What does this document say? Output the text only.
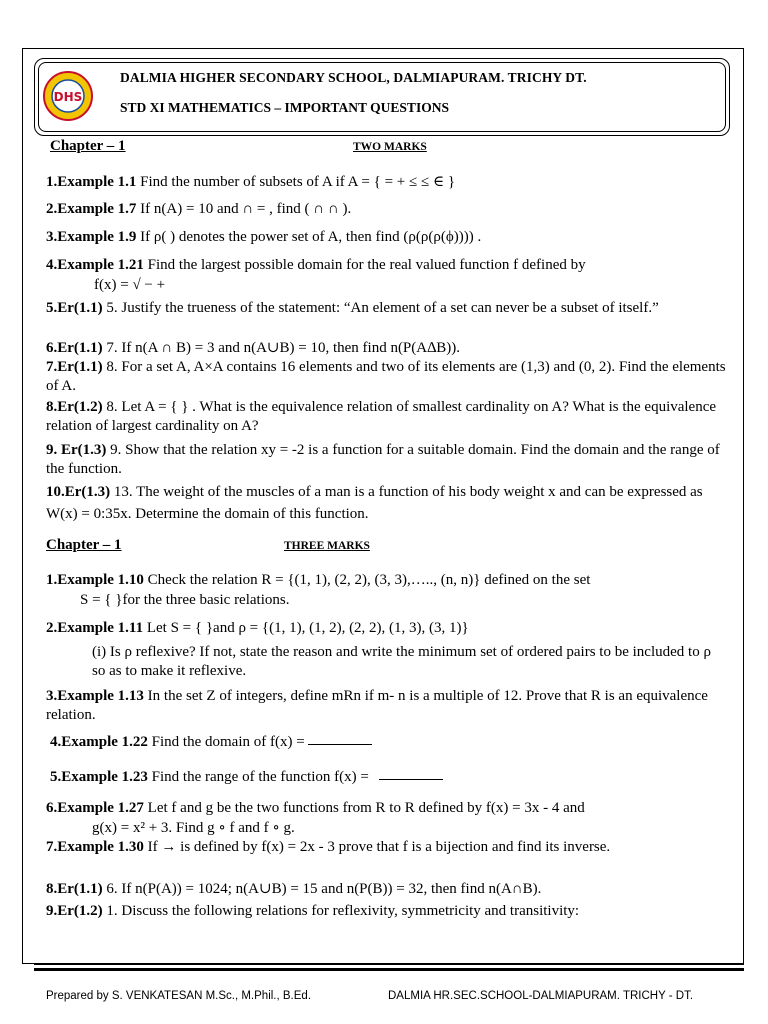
DHS
DALMIA HIGHER SECONDARY SCHOOL, DALMIAPURAM. TRICHY DT.
STD XI MATHEMATICS – IMPORTANT QUESTIONS
Chapter – 1	TWO MARKS
1.Example 1.1 Find the number of subsets of A if A = { = + ≤ ≤ ∈ }
2.Example 1.7 If n(A) = 10 and ∩ = , find ( ∩ ∩ ).
3.Example 1.9 If ρ( ) denotes the power set of A, then find (ρ(ρ(ρ(ϕ)))) .
4.Example 1.21 Find the largest possible domain for the real valued function f defined by
f(x) = √ − +
5.Er(1.1) 5. Justify the trueness of the statement: “An element of a set can never be a subset of itself.”
6.Er(1.1) 7. If n(A ∩ B) = 3 and n(A∪B) = 10, then find n(P(A∆B)).
7.Er(1.1) 8. For a set A, A×A contains 16 elements and two of its elements are (1,3) and (0, 2). Find the elements of A.
8.Er(1.2) 8. Let A = { } . What is the equivalence relation of smallest cardinality on A? What is the equivalence relation of largest cardinality on A?
9. Er(1.3) 9. Show that the relation xy = -2 is a function for a suitable domain. Find the domain and the range of the function.
10.Er(1.3) 13. The weight of the muscles of a man is a function of his body weight x and can be expressed as W(x) = 0:35x. Determine the domain of this function.
Chapter – 1	THREE MARKS
1.Example 1.10 Check the relation R = {(1, 1), (2, 2), (3, 3),….., (n, n)} defined on the set
S = { }for the three basic relations.
2.Example 1.11 Let S = { }and ρ = {(1, 1), (1, 2), (2, 2), (1, 3), (3, 1)}
(i) Is ρ reflexive? If not, state the reason and write the minimum set of ordered pairs to be included to ρ so as to make it reflexive.
3.Example 1.13 In the set Z of integers, define mRn if m- n is a multiple of 12. Prove that R is an equivalence relation.
4.Example 1.22 Find the domain of f(x) =
5.Example 1.23 Find the range of the function f(x) =
6.Example 1.27 Let f and g be the two functions from R to R defined by f(x) = 3x - 4 and
g(x) = x² + 3. Find g ∘ f and f ∘ g.
7.Example 1.30 If → is defined by f(x) = 2x - 3 prove that f is a bijection and find its inverse.
8.Er(1.1) 6. If n(P(A)) = 1024; n(A∪B) = 15 and n(P(B)) = 32, then find n(A∩B).
9.Er(1.2) 1. Discuss the following relations for reflexivity, symmetricity and transitivity:
Prepared by S. VENKATESAN M.Sc., M.Phil., B.Ed.	DALMIA HR.SEC.SCHOOL-DALMIAPURAM. TRICHY - DT.
